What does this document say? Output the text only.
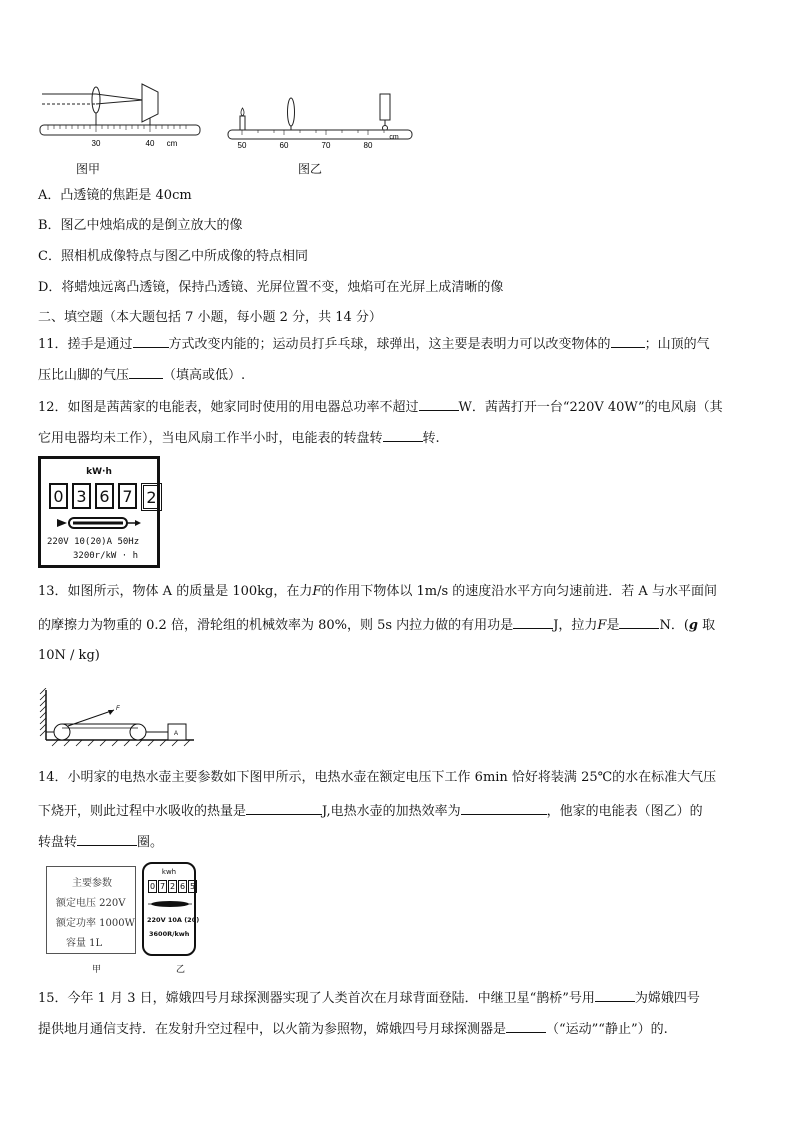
30	40 cm	50	60	70	80
cm
图甲	图乙
A．凸透镜的焦距是 40cm
B．图乙中烛焰成的是倒立放大的像
C．照相机成像特点与图乙中所成像的特点相同
D．将蜡烛远离凸透镜，保持凸透镜、光屏位置不变，烛焰可在光屏上成清晰的像
二、填空题（本大题包括 7 小题，每小题 2 分，共 14 分）
11．搓手是通过	方式改变内能的；运动员打乒乓球，球弹出，这主要是表明力可以改变物体的	；山顶的气
压比山脚的气压	（填高或低）.
12．如图是茜茜家的电能表，她家同时使用的用电器总功率不超过	W．茜茜打开一台“220V 40W”的电风扇（其
它用电器均未工作），当电风扇工作半小时，电能表的转盘转	转.
kW·h
0 3 6 7 2
220V 10(20)A 50Hz
3200r/kW · h
13．如图所示，物体 A 的质量是 100kg，在力F的作用下物体以 1m/s 的速度沿水平方向匀速前进．若 A 与水平面间
的摩擦力为物重的 0.2 倍，滑轮组的机械效率为 80%，则 5s 内拉力做的有用功是	J，拉力F是	N．(g 取
10N / kg)
F
A
14．小明家的电热水壶主要参数如下图甲所示，电热水壶在额定电压下工作 6min 恰好将装满 25℃的水在标准大气压
下烧开，则此过程中水吸收的热量是	J,电热水壶的加热效率为	，他家的电能表（图乙）的
转盘转	圈。
主要参数
额定电压 220V
额定功率 1000W
容量 1L
甲
kwh
0 7 2 6 5
220V 10A (20)
3600R/kwh
乙
15．今年 1 月 3 日，嫦娥四号月球探测器实现了人类首次在月球背面登陆．中继卫星“鹊桥”号用	为嫦娥四号
提供地月通信支持．在发射升空过程中，以火箭为参照物，嫦娥四号月球探测器是	（“运动”“静止”）的.
